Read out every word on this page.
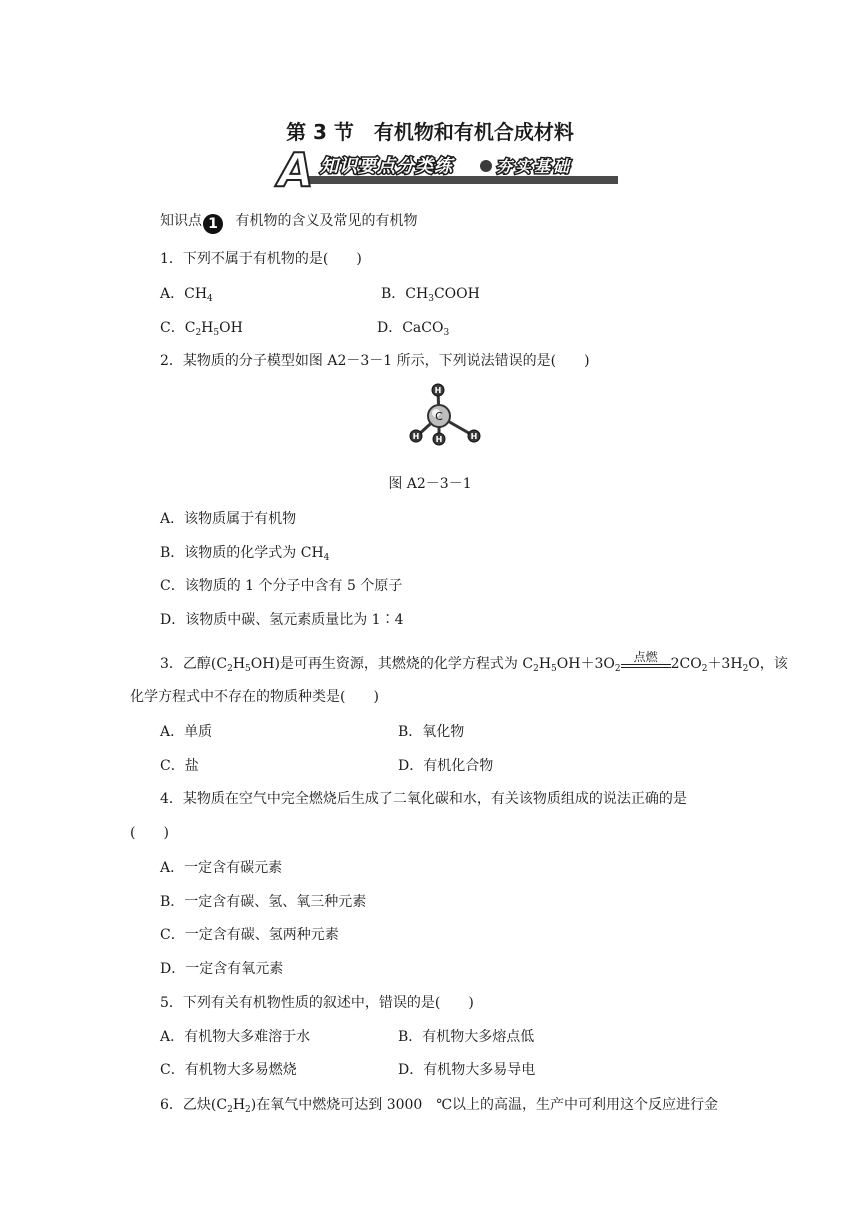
第 3 节　有机物和有机合成材料
A 知识要点分类练	夯实基础
知识点 1 有机物的含义及常见的有机物
1．下列不属于有机物的是(　　)
A．$CH_4$	B．$CH_3COOH$
C．$C_2H_5OH$	D．CaCO$_3$
2．某物质的分子模型如图 A2－3－1 所示，下列说法错误的是(　　)
C
H
H H	H
图 A2－3－1
A．该物质属于有机物
B．该物质的化学式为 $CH_4$
C．该物质的 1 个分子中含有 5 个原子
D．该物质中碳、氢元素质量比为 1∶4
3．乙醇$(C_2H_5OH)$是可再生资源，其燃烧的化学方程式为 $C_2H_5OH+3O_2$
点燃 $2CO_2+3H_2O$，该
化学方程式中不存在的物质种类是(　　)
A．单质	B．氧化物
C．盐	D．有机化合物
4．某物质在空气中完全燃烧后生成了二氧化碳和水，有关该物质组成的说法正确的是
(　　)
A．一定含有碳元素
B．一定含有碳、氢、氧三种元素
C．一定含有碳、氢两种元素
D．一定含有氧元素
5．下列有关有机物性质的叙述中，错误的是(　　)
A．有机物大多难溶于水	B．有机物大多熔点低
C．有机物大多易燃烧	D．有机物大多易导电
6．乙炔$(C_2H_2)$在氧气中燃烧可达到 3000　℃以上的高温，生产中可利用这个反应进行金
